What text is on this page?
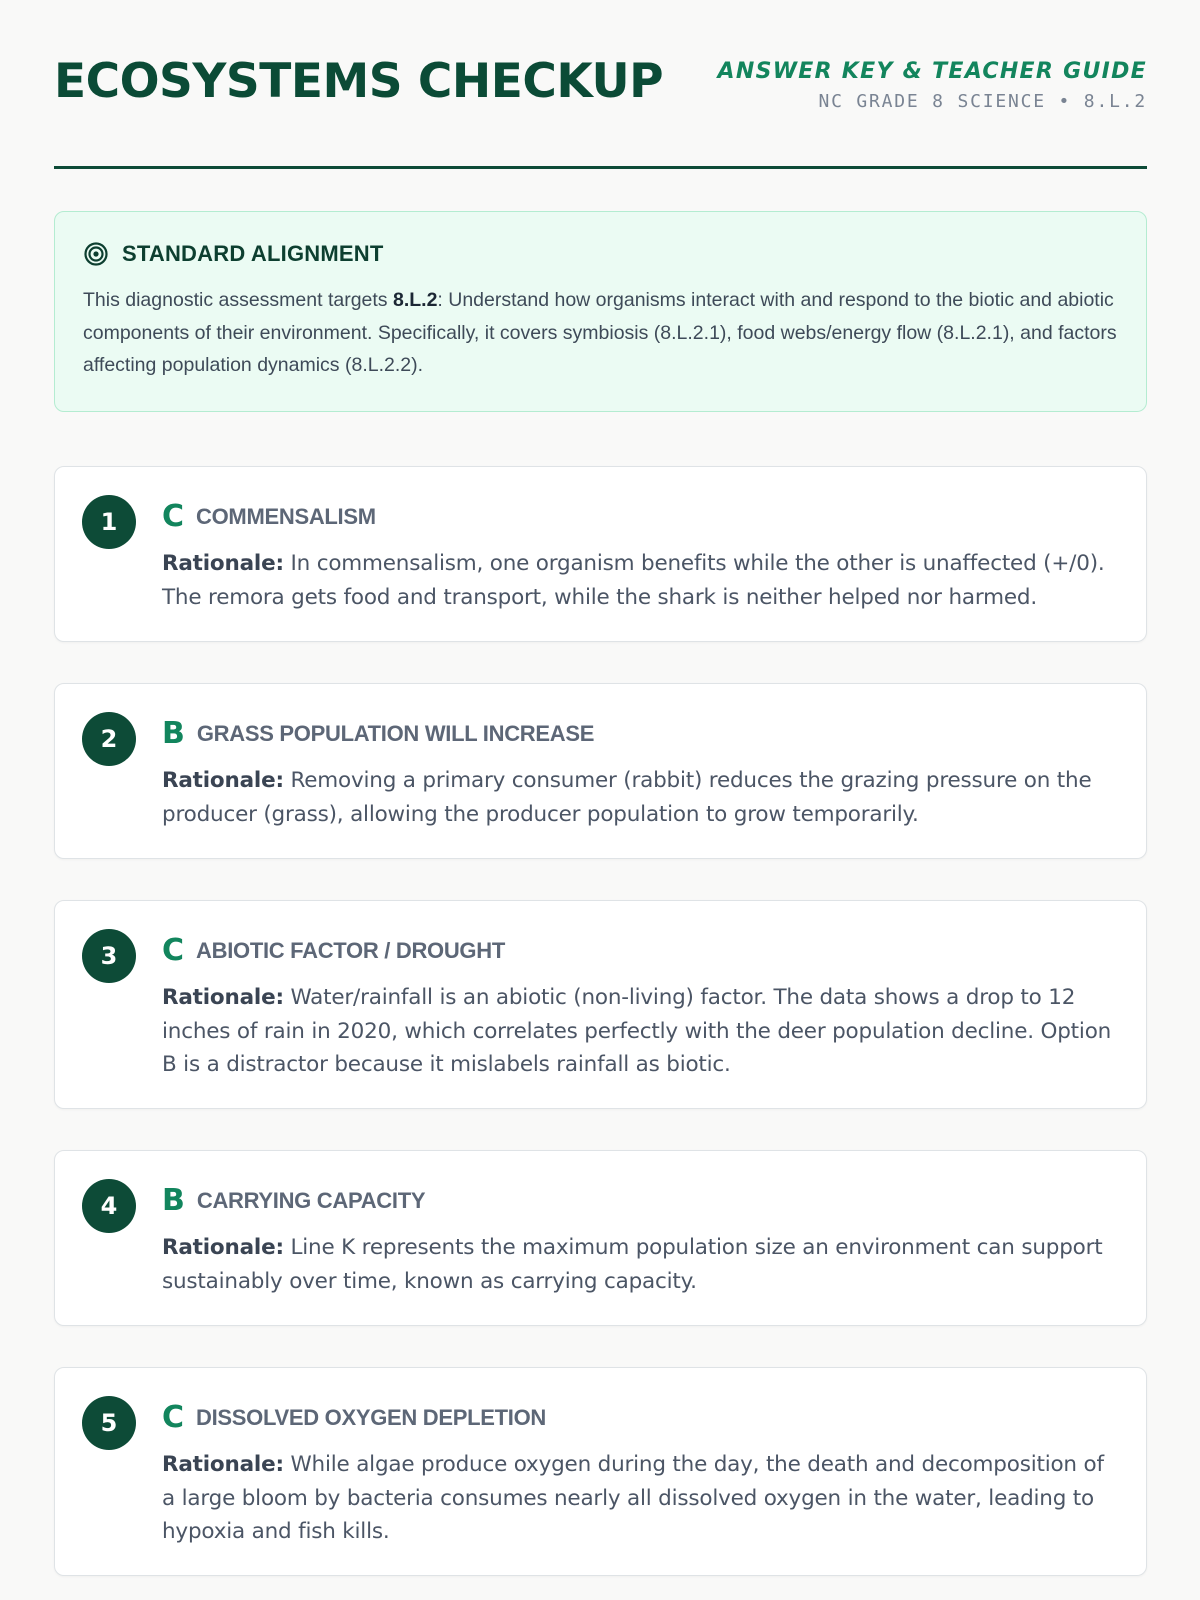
ECOSYSTEMS CHECKUP ANSWER KEY & TEACHER GUIDE
NC GRADE 8 SCIENCE • 8.L.2
STANDARD ALIGNMENT
This diagnostic assessment targets 8.L.2: Understand how organisms interact with and respond to the biotic and abiotic components of their environment. Specifically, it covers symbiosis (8.L.2.1), food webs/energy flow (8.L.2.1), and factors affecting population dynamics (8.L.2.2).
1	C COMMENSALISM
Rationale: In commensalism, one organism benefits while the other is unaffected (+/0). The remora gets food and transport, while the shark is neither helped nor harmed.
2	B GRASS POPULATION WILL INCREASE
Rationale: Removing a primary consumer (rabbit) reduces the grazing pressure on the producer (grass), allowing the producer population to grow temporarily.
3	C ABIOTIC FACTOR / DROUGHT
Rationale: Water/rainfall is an abiotic (non-living) factor. The data shows a drop to 12 inches of rain in 2020, which correlates perfectly with the deer population decline. Option B is a distractor because it mislabels rainfall as biotic.
4	B CARRYING CAPACITY
Rationale: Line K represents the maximum population size an environment can support sustainably over time, known as carrying capacity.
5	C DISSOLVED OXYGEN DEPLETION
Rationale: While algae produce oxygen during the day, the death and decomposition of a large bloom by bacteria consumes nearly all dissolved oxygen in the water, leading to hypoxia and fish kills.
